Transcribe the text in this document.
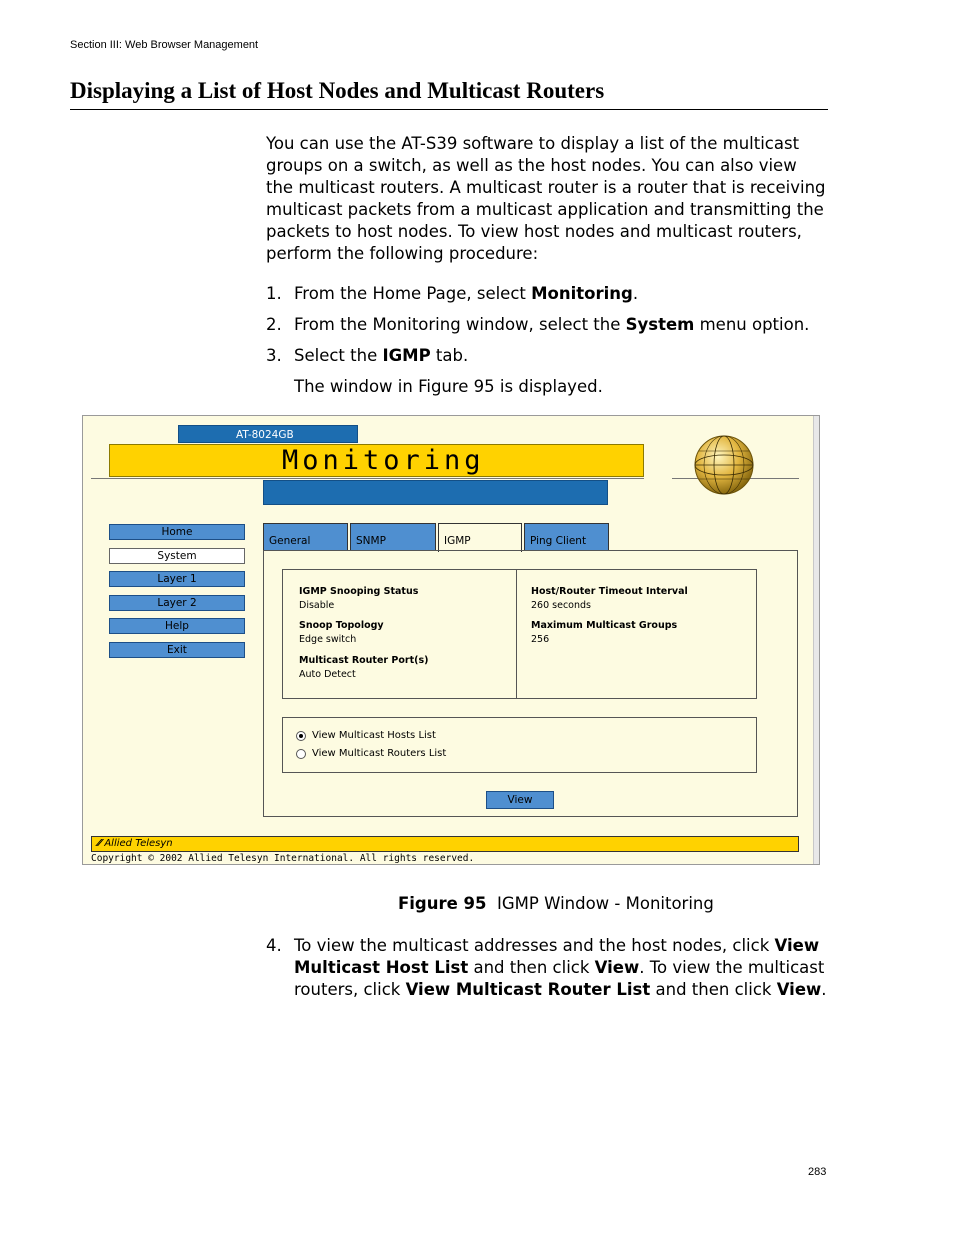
Section III: Web Browser Management
Displaying a List of Host Nodes and Multicast Routers

You can use the AT-S39 software to display a list of the multicast groups on a switch, as well as the host nodes. You can also view the multicast routers. A multicast router is a router that is receiving multicast packets from a multicast application and transmitting the packets to host nodes. To view host nodes and multicast routers, perform the following procedure:

1. From the Home Page, select Monitoring.
2. From the Monitoring window, select the System menu option.
3. Select the IGMP tab.
The window in Figure 95 is displayed.
AT-8024GB
Monitoring
Home
System
Layer 1
Layer 2
Help
Exit
General	SNMP	IGMP	Ping Client
IGMP Snooping Status
Disable
Snoop Topology
Edge switch
Multicast Router Port(s)
Auto Detect
Host/Router Timeout Interval
260 seconds
Maximum Multicast Groups
256
View Multicast Hosts List
View Multicast Routers List
View
⁄⁄ Allied Telesyn
Copyright © 2002 Allied Telesyn International. All rights reserved.
Figure 95 IGMP Window - Monitoring
4. To view the multicast addresses and the host nodes, click View Multicast Host List and then click View. To view the multicast routers, click View Multicast Router List and then click View.
283
